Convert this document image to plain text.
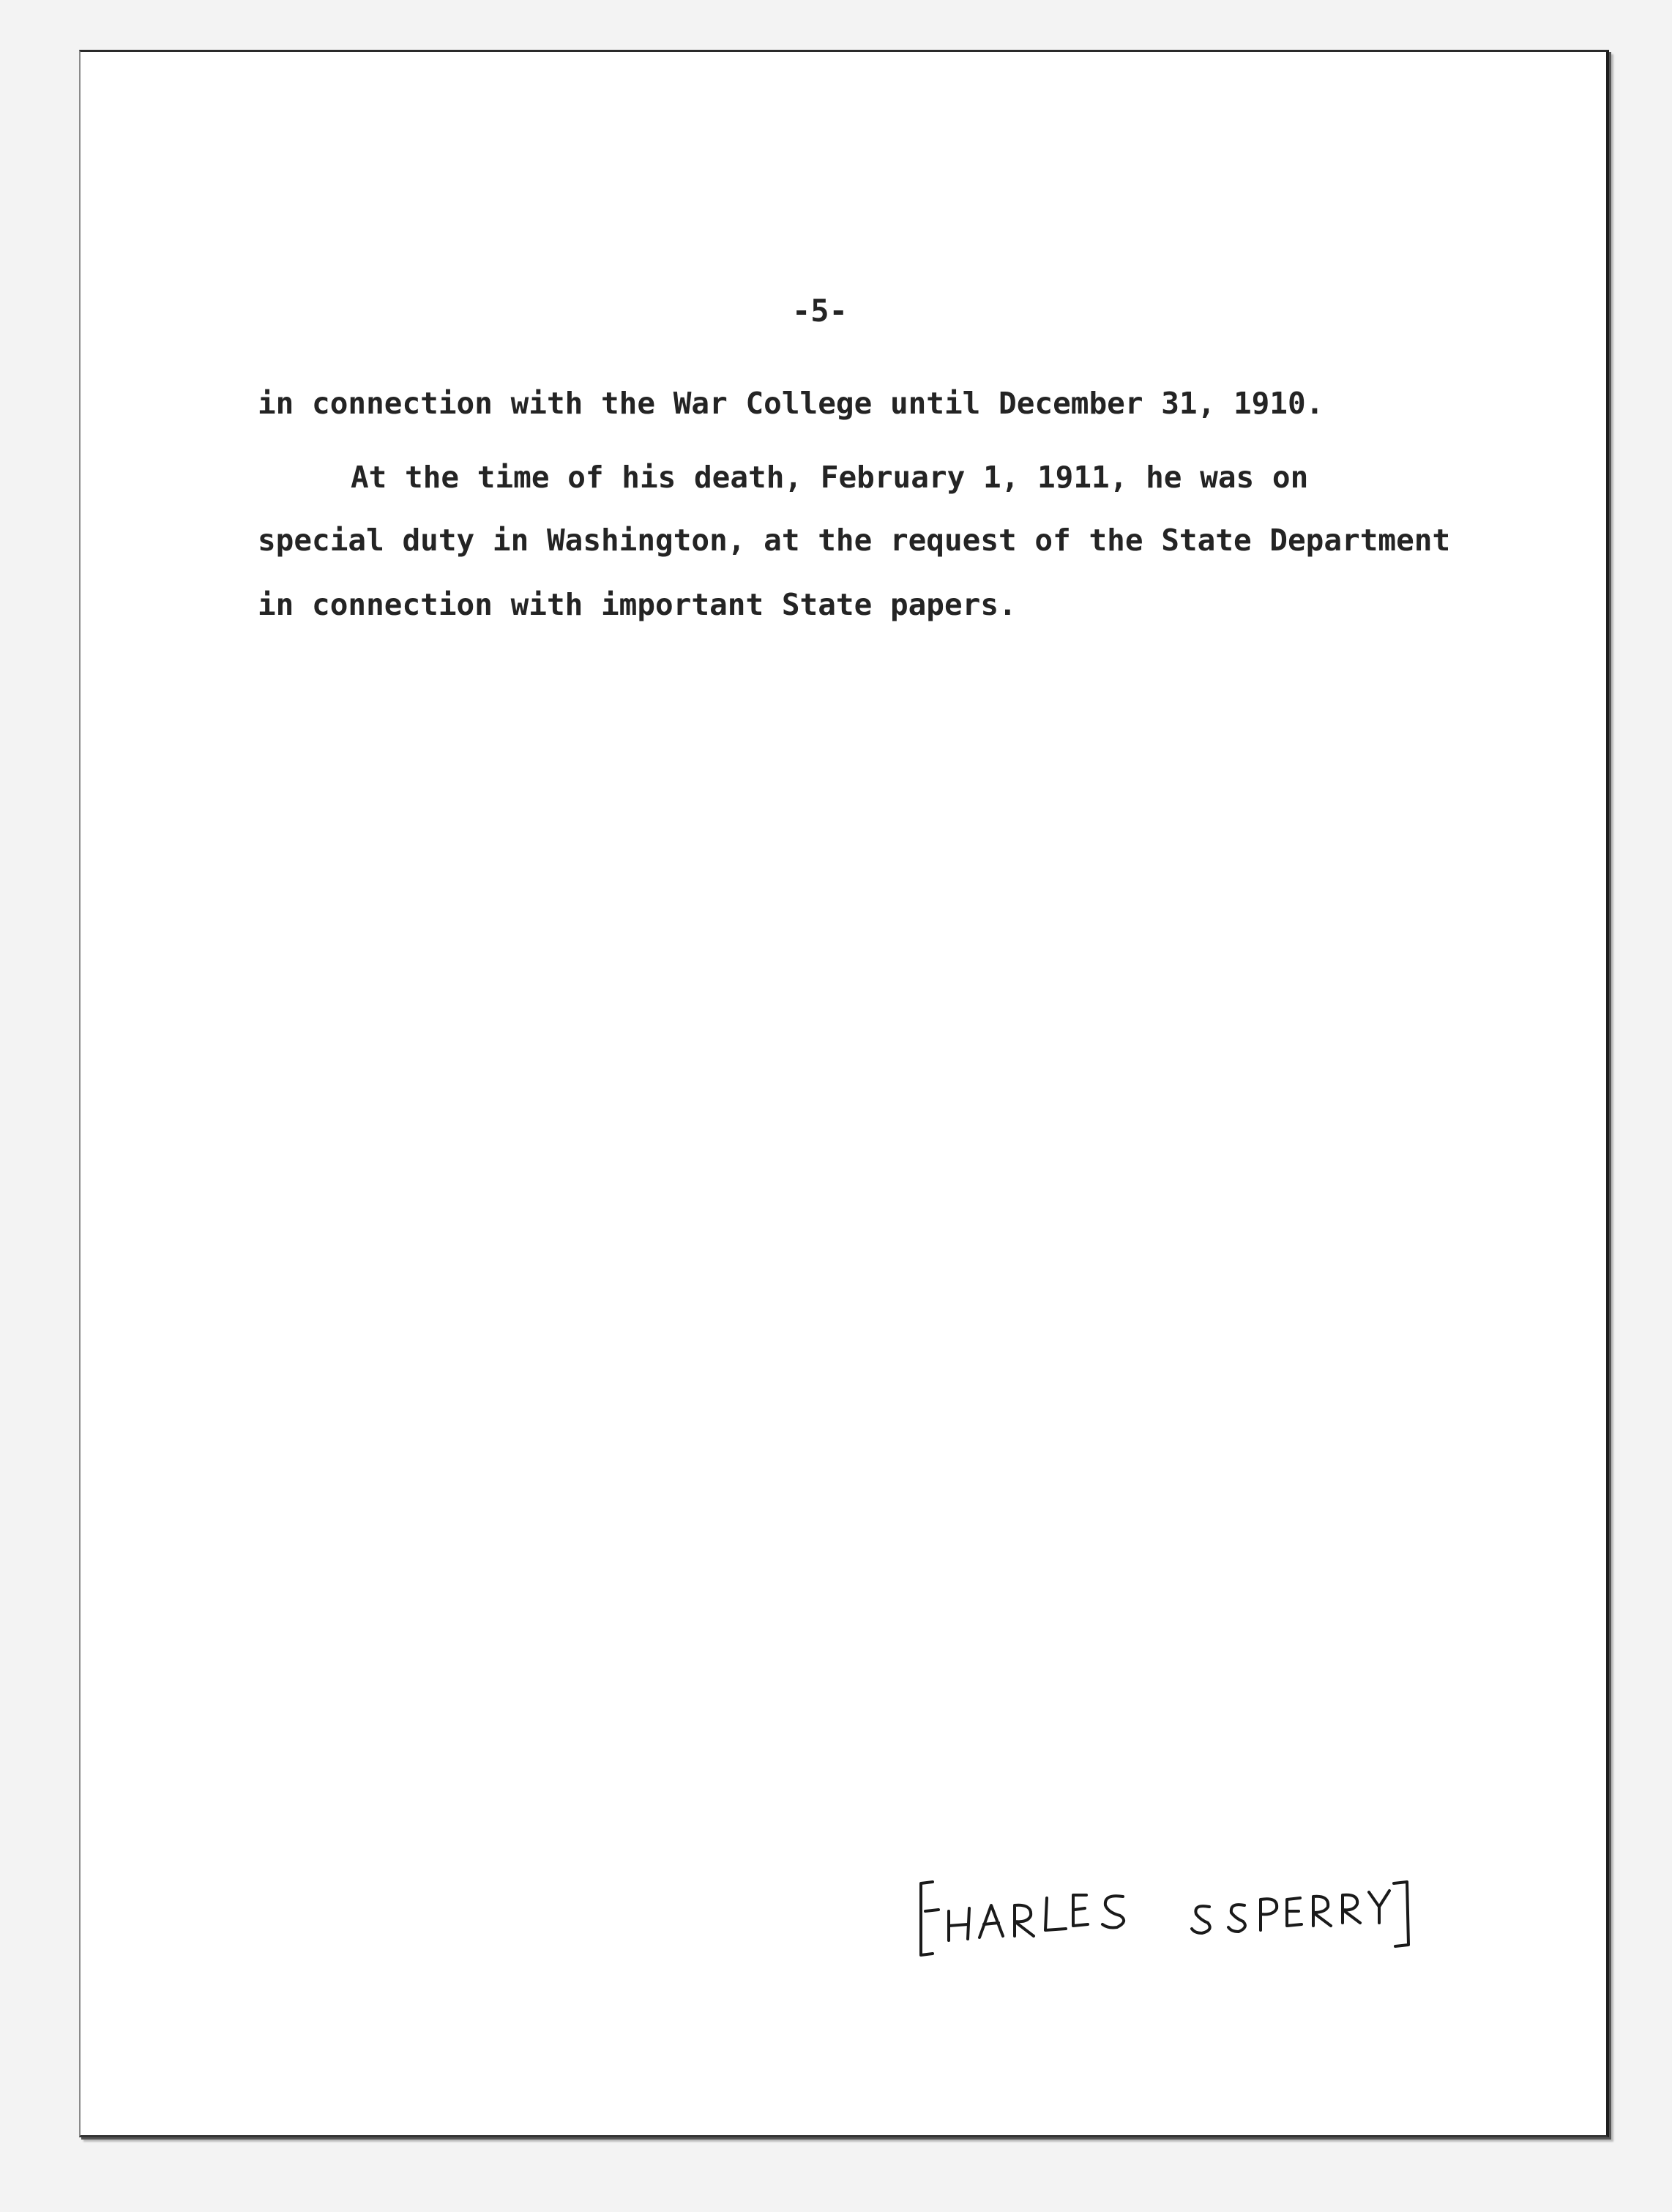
-5-
in connection with the War College until December 31, 1910.
At the time of his death, February 1, 1911, he was on
special duty in Washington, at the request of the State Department
in connection with important State papers.
